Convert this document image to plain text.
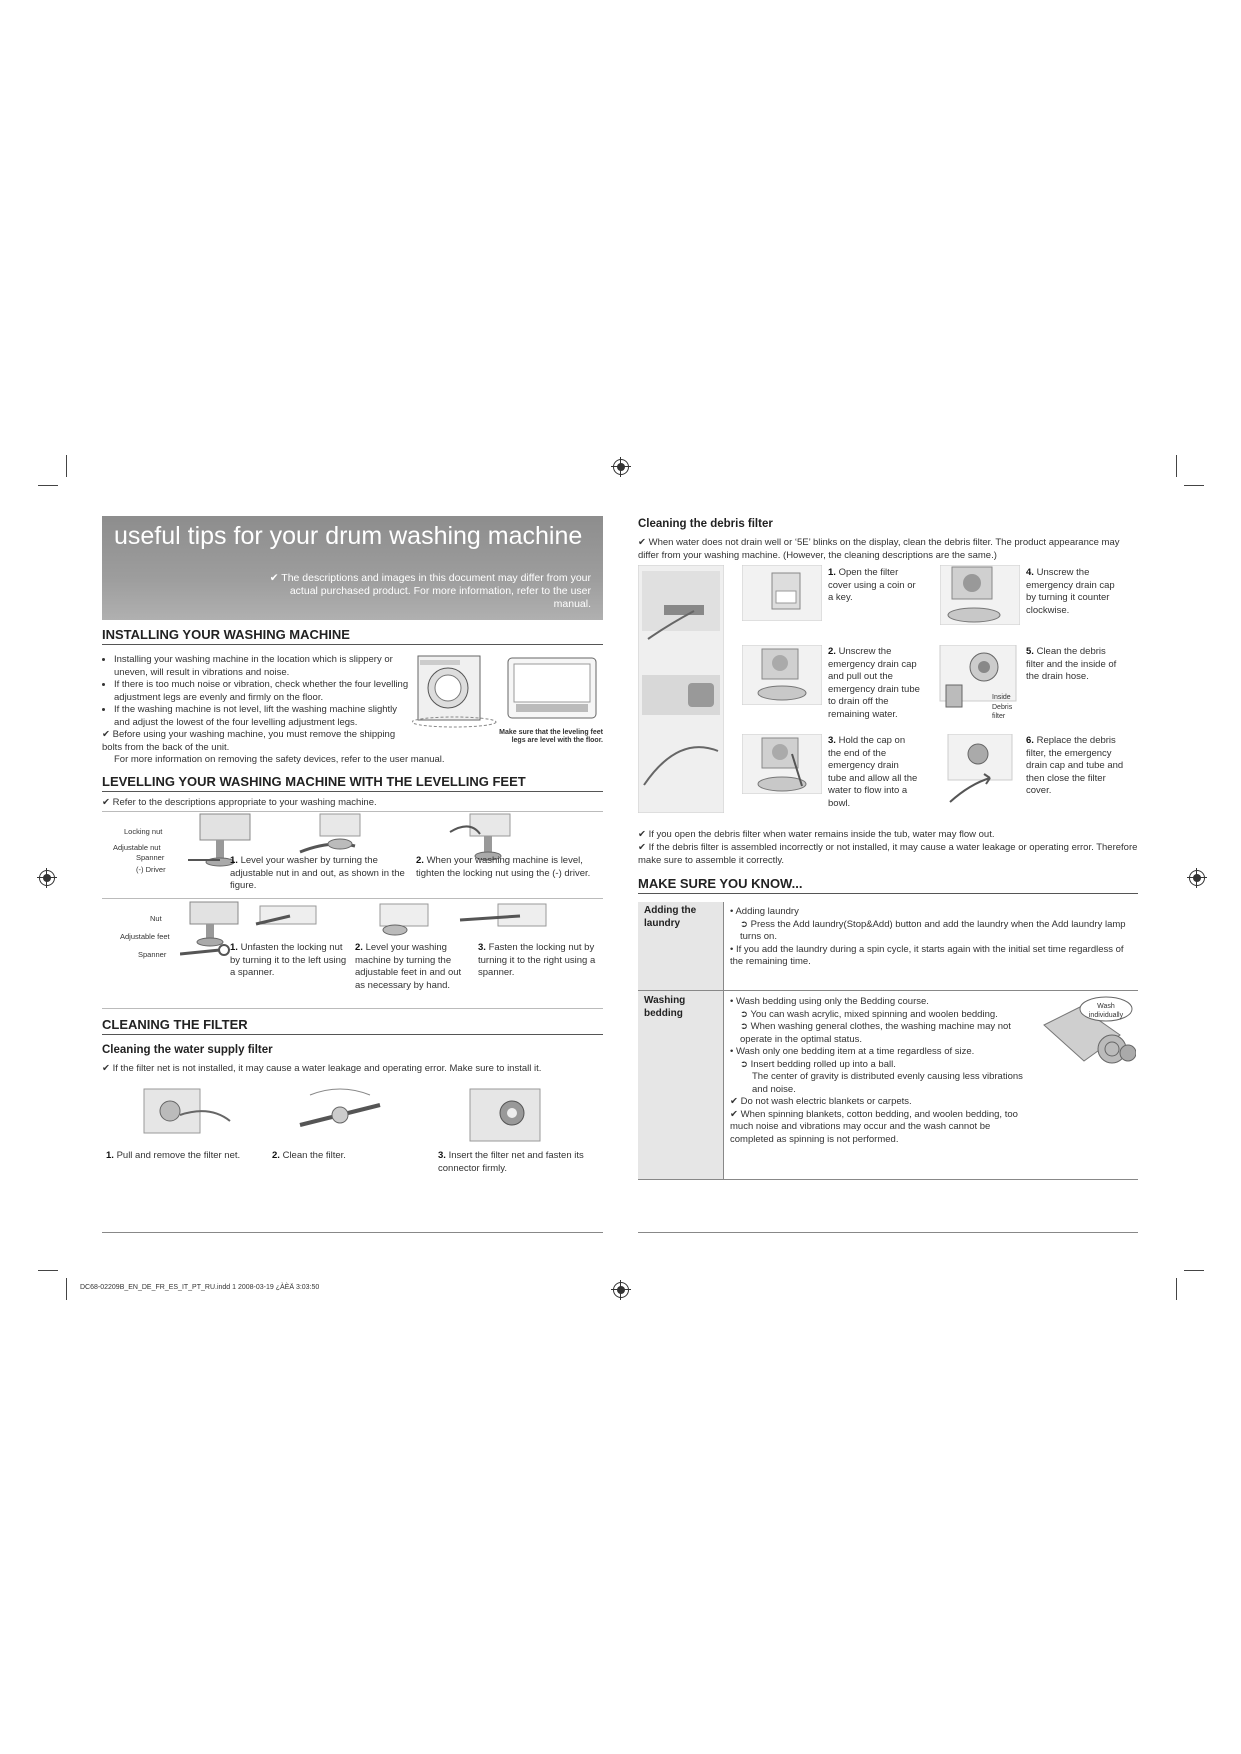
useful tips for your drum washing machine
✔ The descriptions and images in this document may differ from your actual purchased product. For more information, refer to the user manual.
INSTALLING YOUR WASHING MACHINE
• Installing your washing machine in the location which is slippery or uneven, will result in vibrations and noise.
• If there is too much noise or vibration, check whether the four levelling adjustment legs are evenly and firmly on the floor.
• If the washing machine is not level, lift the washing machine slightly and adjust the lowest of the four levelling adjustment legs.
✔ Before using your washing machine, you must remove the shipping bolts from the back of the unit.
For more information on removing the safety devices, refer to the user manual.
Make sure that the leveling feet legs are level with the floor.
LEVELLING YOUR WASHING MACHINE WITH THE LEVELLING FEET
✔ Refer to the descriptions appropriate to your washing machine.
Locking nut
Adjustable nut
Spanner
(-) Driver
1. Level your washer by turning the adjustable nut in and out, as shown in the figure.
2. When your washing machine is level, tighten the locking nut using the (-) driver.
Nut
Adjustable feet
Spanner
1. Unfasten the locking nut by turning it to the left using a spanner.
2. Level your washing machine by turning the adjustable feet in and out as necessary by hand.
3. Fasten the locking nut by turning it to the right using a spanner.
CLEANING THE FILTER
Cleaning the water supply filter
✔ If the filter net is not installed, it may cause a water leakage and operating error. Make sure to install it.
1. Pull and remove the filter net.	2. Clean the filter.	3. Insert the filter net and fasten its connector firmly.
Cleaning the debris filter
✔ When water does not drain well or ‘5E’ blinks on the display, clean the debris filter. The product appearance may differ from your washing machine. (However, the cleaning descriptions are the same.)
1. Open the filter cover using a coin or a key.
2. Unscrew the emergency drain cap and pull out the emergency drain tube to drain off the remaining water.
3. Hold the cap on the end of the emergency drain tube and allow all the water to flow into a bowl.
4. Unscrew the emergency drain cap by turning it counter clockwise.
Inside
Debris filter
5. Clean the debris filter and the inside of the drain hose.
6. Replace the debris filter, the emergency drain cap and tube and then close the filter cover.
✔ If you open the debris filter when water remains inside the tub, water may flow out.
✔ If the debris filter is assembled incorrectly or not installed, it may cause a water leakage or operating error. Therefore make sure to assemble it correctly.
MAKE SURE YOU KNOW...
Adding the laundry
• Adding laundry
➲ Press the Add laundry(Stop&Add) button and add the laundry when the Add laundry lamp turns on.
• If you add the laundry during a spin cycle, it starts again with the initial set time regardless of the remaining time.
Washing bedding
• Wash bedding using only the Bedding course.
➲ You can wash acrylic, mixed spinning and woolen bedding.
➲ When washing general clothes, the washing machine may not operate in the optimal status.
• Wash only one bedding item at a time regardless of size.
➲ Insert bedding rolled up into a ball.
The center of gravity is distributed evenly causing less vibrations and noise.
✔ Do not wash electric blankets or carpets.
✔ When spinning blankets, cotton bedding, and woolen bedding, too much noise and vibrations may occur and the wash cannot be completed as spinning is not performed.
Wash individually
DC68-02209B_EN_DE_FR_ES_IT_PT_RU.indd 1 2008-03-19 ¿ÀÈÄ 3:03:50
